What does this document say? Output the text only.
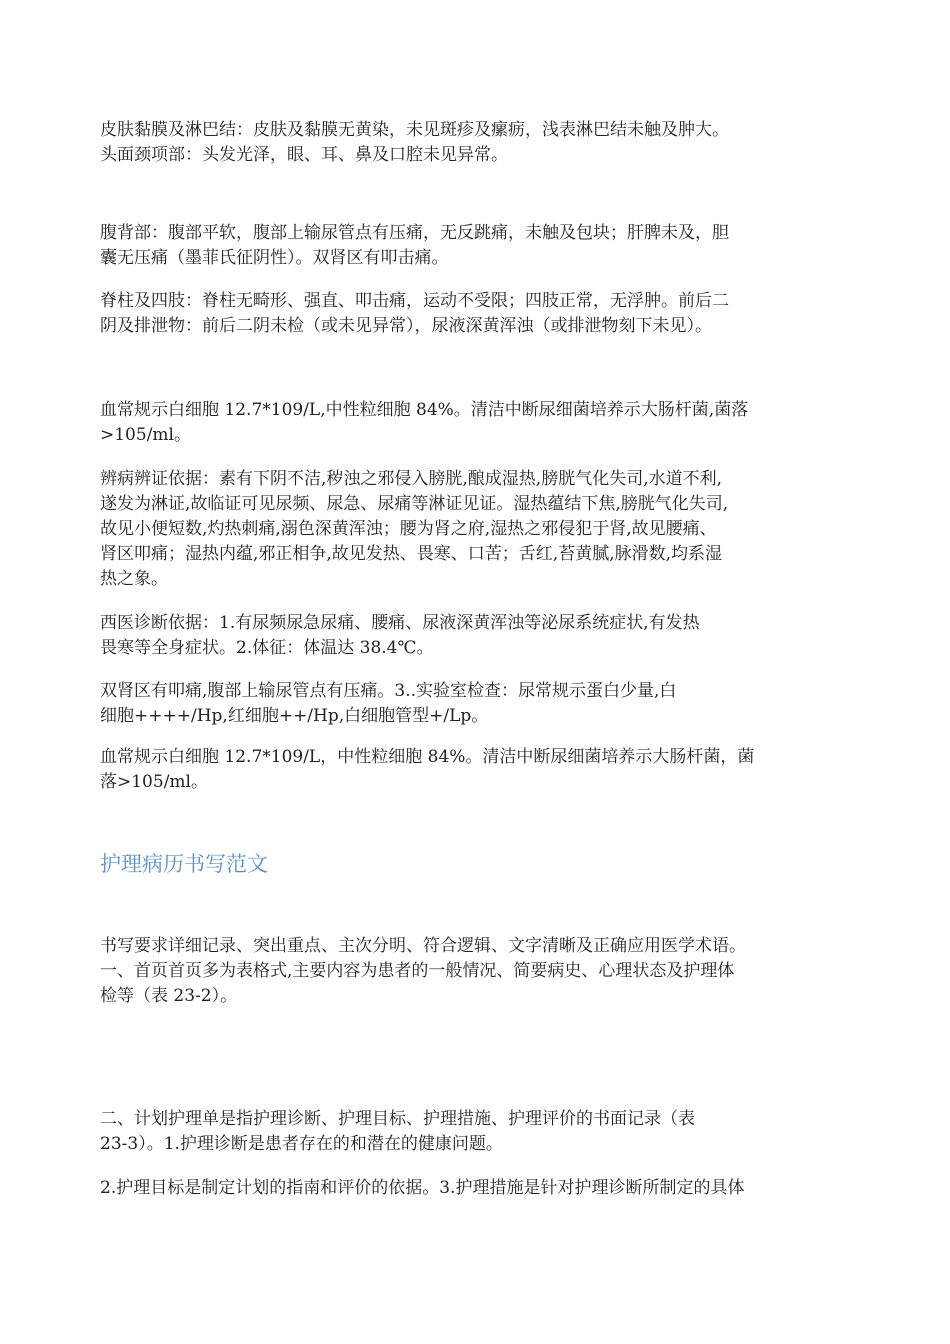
皮肤黏膜及淋巴结：皮肤及黏膜无黄染，未见斑疹及瘰疬，浅表淋巴结未触及肿大。
头面颈项部：头发光泽，眼、耳、鼻及口腔未见异常。
腹背部：腹部平软，腹部上输尿管点有压痛，无反跳痛，未触及包块；肝脾未及，胆
囊无压痛（墨菲氏征阴性）。双肾区有叩击痛。
脊柱及四肢：脊柱无畸形、强直、叩击痛，运动不受限；四肢正常，无浮肿。前后二
阴及排泄物：前后二阴未检（或未见异常），尿液深黄浑浊（或排泄物刻下未见）。
血常规示白细胞 12.7*109/L,中性粒细胞 84%。清洁中断尿细菌培养示大肠杆菌,菌落
>105/ml。
辨病辨证依据：素有下阴不洁,秽浊之邪侵入膀胱,酿成湿热,膀胱气化失司,水道不利,
遂发为淋证,故临证可见尿频、尿急、尿痛等淋证见证。湿热蕴结下焦,膀胱气化失司,
故见小便短数,灼热刺痛,溺色深黄浑浊；腰为肾之府,湿热之邪侵犯于肾,故见腰痛、
肾区叩痛；湿热内蕴,邪正相争,故见发热、畏寒、口苦；舌红,苔黄腻,脉滑数,均系湿
热之象。
西医诊断依据：1.有尿频尿急尿痛、腰痛、尿液深黄浑浊等泌尿系统症状,有发热
畏寒等全身症状。2.体征：体温达 38.4℃。
双肾区有叩痛,腹部上输尿管点有压痛。3..实验室检查：尿常规示蛋白少量,白
细胞++++/Hp,红细胞++/Hp,白细胞管型+/Lp。
血常规示白细胞 12.7*109/L，中性粒细胞 84%。清洁中断尿细菌培养示大肠杆菌，菌
落>105/ml。
护理病历书写范文
书写要求详细记录、突出重点、主次分明、符合逻辑、文字清晰及正确应用医学术语。
一、首页首页多为表格式,主要内容为患者的一般情况、简要病史、心理状态及护理体
检等（表 23-2）。
二、计划护理单是指护理诊断、护理目标、护理措施、护理评价的书面记录（表
23-3）。1.护理诊断是患者存在的和潜在的健康问题。
2.护理目标是制定计划的指南和评价的依据。3.护理措施是针对护理诊断所制定的具体
